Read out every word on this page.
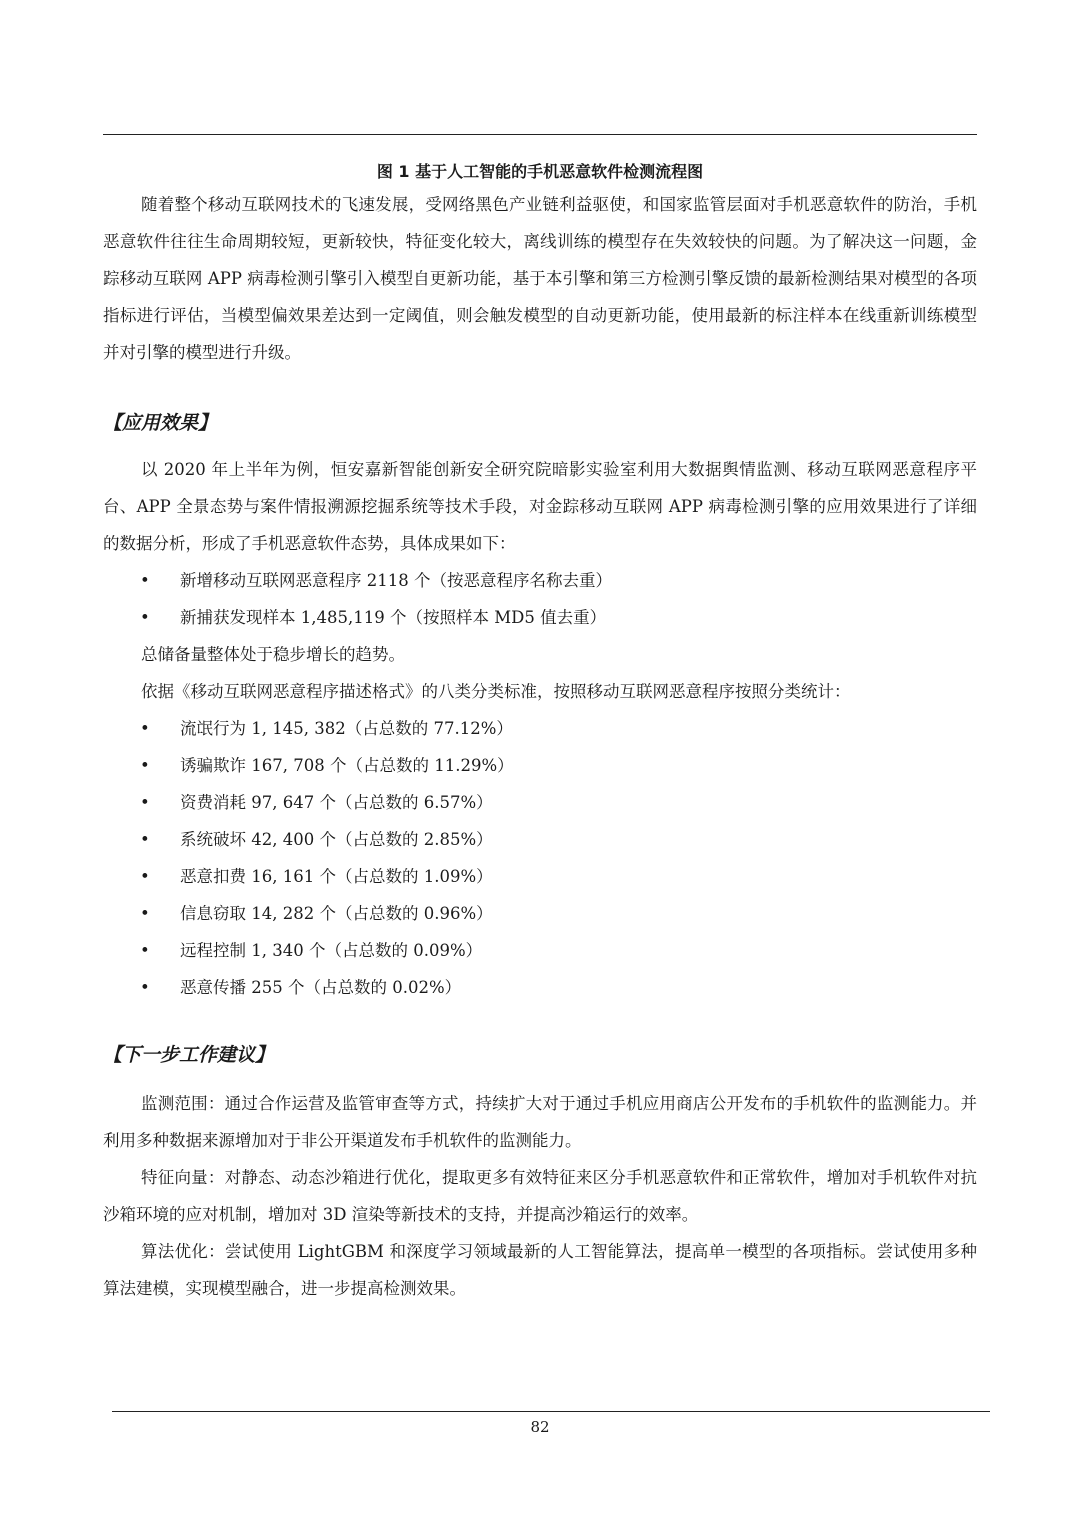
图 1 基于人工智能的手机恶意软件检测流程图

随着整个移动互联网技术的飞速发展，受网络黑色产业链利益驱使，和国家监管层面对手机恶意软件的防治，手机恶意软件往往生命周期较短，更新较快，特征变化较大，离线训练的模型存在失效较快的问题。为了解决这一问题，金踪移动互联网 APP 病毒检测引擎引入模型自更新功能，基于本引擎和第三方检测引擎反馈的最新检测结果对模型的各项指标进行评估，当模型偏效果差达到一定阈值，则会触发模型的自动更新功能，使用最新的标注样本在线重新训练模型并对引擎的模型进行升级。

【应用效果】

以 2020 年上半年为例，恒安嘉新智能创新安全研究院暗影实验室利用大数据舆情监测、移动互联网恶意程序平台、APP 全景态势与案件情报溯源挖掘系统等技术手段，对金踪移动互联网 APP 病毒检测引擎的应用效果进行了详细的数据分析，形成了手机恶意软件态势，具体成果如下：

• 新增移动互联网恶意程序 2118 个（按恶意程序名称去重）
• 新捕获发现样本 1,485,119 个（按照样本 MD5 值去重）

总储备量整体处于稳步增长的趋势。

依据《移动互联网恶意程序描述格式》的八类分类标准，按照移动互联网恶意程序按照分类统计：

• 流氓行为 1, 145, 382（占总数的 77.12%）
• 诱骗欺诈 167, 708 个（占总数的 11.29%）
• 资费消耗 97, 647 个（占总数的 6.57%）
• 系统破坏 42, 400 个（占总数的 2.85%）
• 恶意扣费 16, 161 个（占总数的 1.09%）
• 信息窃取 14, 282 个（占总数的 0.96%）
• 远程控制 1, 340 个（占总数的 0.09%）
• 恶意传播 255 个（占总数的 0.02%）
【下一步工作建议】

监测范围：通过合作运营及监管审查等方式，持续扩大对于通过手机应用商店公开发布的手机软件的监测能力。并利用多种数据来源增加对于非公开渠道发布手机软件的监测能力。

特征向量：对静态、动态沙箱进行优化，提取更多有效特征来区分手机恶意软件和正常软件，增加对手机软件对抗沙箱环境的应对机制，增加对 3D 渲染等新技术的支持，并提高沙箱运行的效率。

算法优化：尝试使用 LightGBM 和深度学习领域最新的人工智能算法，提高单一模型的各项指标。尝试使用多种算法建模，实现模型融合，进一步提高检测效果。

82
